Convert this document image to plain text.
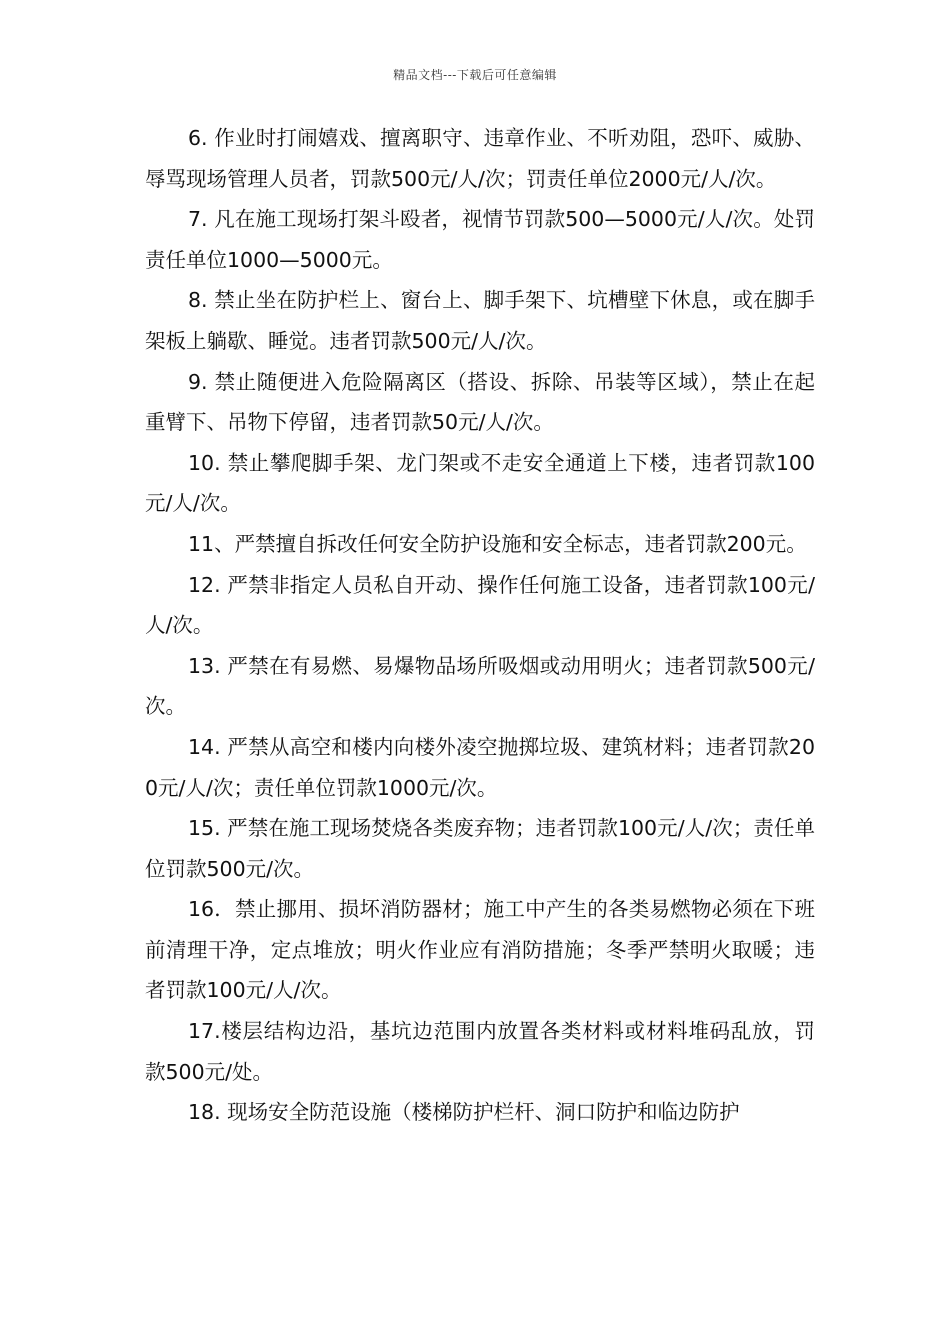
精品文档---下载后可任意编辑

6. 作业时打闹嬉戏、擅离职守、违章作业、不听劝阻，恐吓、威胁、辱骂现场管理人员者，罚款500元/人/次；罚责任单位2000元/人/次。

7. 凡在施工现场打架斗殴者，视情节罚款500—5000元/人/次。处罚责任单位1000—5000元。

8. 禁止坐在防护栏上、窗台上、脚手架下、坑槽壁下休息，或在脚手架板上躺歇、睡觉。违者罚款500元/人/次。

9. 禁止随便进入危险隔离区（搭设、拆除、吊装等区域），禁止在起重臂下、吊物下停留，违者罚款50元/人/次。

10. 禁止攀爬脚手架、龙门架或不走安全通道上下楼，违者罚款100元/人/次。

11、严禁擅自拆改任何安全防护设施和安全标志，违者罚款200元。

12. 严禁非指定人员私自开动、操作任何施工设备，违者罚款100元/人/次。

13. 严禁在有易燃、易爆物品场所吸烟或动用明火；违者罚款500元/次。

14. 严禁从高空和楼内向楼外凌空抛掷垃圾、建筑材料；违者罚款200元/人/次；责任单位罚款1000元/次。

15. 严禁在施工现场焚烧各类废弃物；违者罚款100元/人/次；责任单位罚款500元/次。

16．禁止挪用、损坏消防器材；施工中产生的各类易燃物必须在下班前清理干净，定点堆放；明火作业应有消防措施；冬季严禁明火取暖；违者罚款100元/人/次。

17.楼层结构边沿，基坑边范围内放置各类材料或材料堆码乱放，罚款500元/处。

18. 现场安全防范设施（楼梯防护栏杆、洞口防护和临边防护
